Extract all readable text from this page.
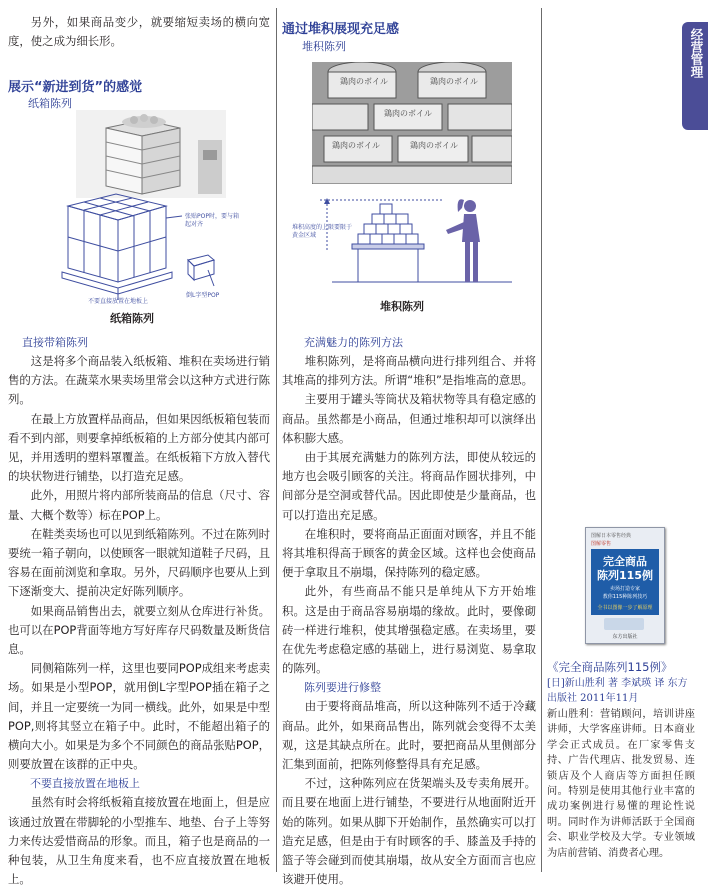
另外，如果商品变少，就要缩短卖场的横向宽度，使之成为细长形。

展示“新进到货”的感觉
纸箱陈列
张贴POP时，要与箱起对齐
不要直接放置在地板上
倒L字型POP
纸箱陈列
直接带箱陈列

这是将多个商品装入纸板箱、堆积在卖场进行销售的方法。在蔬菜水果卖场里常会以这种方式进行陈列。

在最上方放置样品商品，但如果因纸板箱包装而看不到内部，则要拿掉纸板箱的上方部分使其内部可见，并用透明的塑料罩覆盖。在纸板箱下方放入替代的块状物进行铺垫，以打造充足感。

此外，用照片将内部所装商品的信息（尺寸、容量、大概个数等）标在POP上。

在鞋类卖场也可以见到纸箱陈列。不过在陈列时要统一箱子朝向，以使顾客一眼就知道鞋子尺码，且容易在面前浏览和拿取。另外，尺码顺序也要从上到下逐渐变大、提前决定好陈列顺序。

如果商品销售出去，就要立刻从仓库进行补货。也可以在POP背面等地方写好库存尺码数量及断货信息。

同侧箱陈列一样，这里也要同POP成组来考虑卖场。如果是小型POP，就用倒L字型POP插在箱子之间，并且一定要统一为同一横线。此外，如果是中型POP,则将其竖立在箱子中。此时，不能超出箱子的横向大小。如果是为多个不同颜色的商品张贴POP，则要放置在该群的正中央。

不要直接放置在地板上

虽然有时会将纸板箱直接放置在地面上，但是应该通过放置在带脚轮的小型推车、地垫、台子上等努力来传达爱惜商品的形象。而且，箱子也是商品的一种包装，从卫生角度来看，也不应直接放置在地板上。

通过堆积展现充足感
堆积陈列
鶏肉のボイル	鶏肉のボイル
鶏肉のボイル
鶏肉のボイル	鶏肉のボイル
堆积高度的上限要限于黄金区域
堆积陈列
充满魅力的陈列方法

堆积陈列，是将商品横向进行排列组合、并将其堆高的排列方法。所谓“堆积”是指堆高的意思。

主要用于罐头等筒状及箱状物等具有稳定感的商品。虽然都是小商品，但通过堆积却可以演绎出体积膨大感。

由于其展充满魅力的陈列方法，即使从较远的地方也会吸引顾客的关注。将商品作圆状排列，中间部分是空洞或替代品。因此即使是少量商品，也可以打造出充足感。

在堆积时，要将商品正面面对顾客，并且不能将其堆积得高于顾客的黄金区域。这样也会使商品便于拿取且不崩塌，保持陈列的稳定感。

此外，有些商品不能只是单纯从下方开始堆积。这是由于商品容易崩塌的缘故。此时，要像砌砖一样进行堆积，使其增强稳定感。在卖场里，要在优先考虑稳定感的基础上，进行易浏览、易拿取的陈列。

陈列要进行修整

由于要将商品堆高，所以这种陈列不适于冷藏商品。此外，如果商品售出，陈列就会变得不太美观，这是其缺点所在。此时，要把商品从里侧部分汇集到面前，把陈列修整得具有充足感。

不过，这种陈列应在货架端头及专卖角展开。而且要在地面上进行铺垫，不要进行从地面附近开始的陈列。如果从脚下开始制作，虽然确实可以打造充足感，但是由于有时顾客的手、膝盖及手持的篮子等会碰到而使其崩塌，故从安全方面而言也应该避开使用。

经营管理
图解日本零售经典
图解零售
完全商品
陈列115例
卖场打造专家
教你115种陈列技巧
全书以图像一步了解原理
东方出版社
《完全商品陈列115例》
[日]新山胜利 著 李斌瑛 译 东方出版社 2011年11月
新山胜利：营销顾问，培训讲座讲师，大学客座讲师。日本商业学会正式成员。在厂家零售支持、广告代理店、批发贸易、连锁店及个人商店等方面担任顾问。特别是使用其他行业丰富的成功案例进行易懂的理论性说明。同时作为讲师活跃于全国商会、职业学校及大学。专业领域为店前营销、消费者心理。
